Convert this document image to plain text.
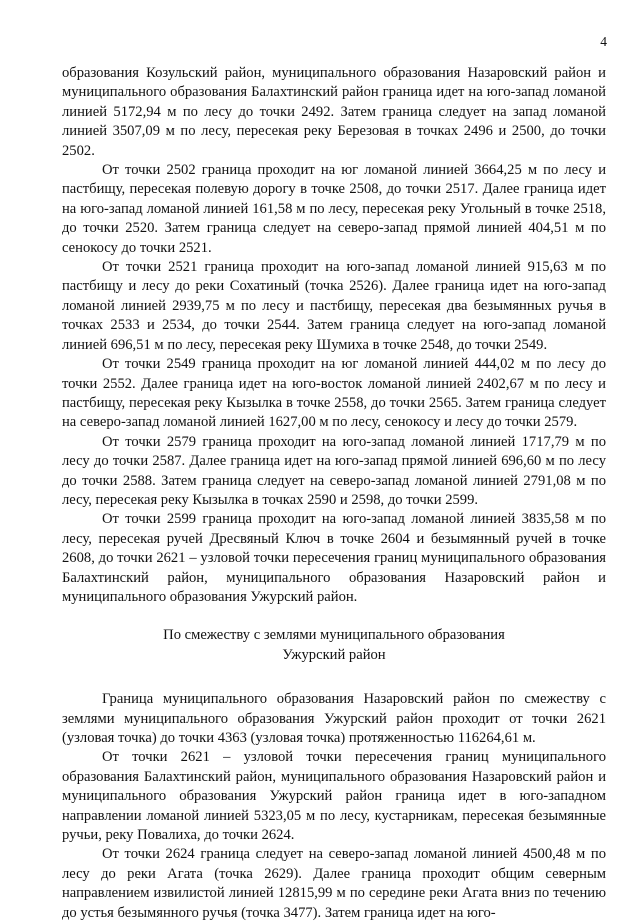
4

образования Козульский район, муниципального образования Назаровский район и муниципального образования Балахтинский район граница идет на юго-запад ломаной линией 5172,94 м по лесу до точки 2492. Затем граница следует на запад ломаной линией 3507,09 м по лесу, пересекая реку Березовая в точках 2496 и 2500, до точки 2502.

От точки 2502 граница проходит на юг ломаной линией 3664,25 м по лесу и пастбищу, пересекая полевую дорогу в точке 2508, до точки 2517. Далее граница идет на юго-запад ломаной линией 161,58 м по лесу, пересекая реку Угольный в точке 2518, до точки 2520. Затем граница следует на северо-запад прямой линией 404,51 м по сенокосу до точки 2521.

От точки 2521 граница проходит на юго-запад ломаной линией 915,63 м по пастбищу и лесу до реки Сохатиный (точка 2526). Далее граница идет на юго-запад ломаной линией 2939,75 м по лесу и пастбищу, пересекая два безымянных ручья в точках 2533 и 2534, до точки 2544. Затем граница следует на юго-запад ломаной линией 696,51 м по лесу, пересекая реку Шумиха в точке 2548, до точки 2549.

От точки 2549 граница проходит на юг ломаной линией 444,02 м по лесу до точки 2552. Далее граница идет на юго-восток ломаной линией 2402,67 м по лесу и пастбищу, пересекая реку Кызылка в точке 2558, до точки 2565. Затем граница следует на северо-запад ломаной линией 1627,00 м по лесу, сенокосу и лесу до точки 2579.

От точки 2579 граница проходит на юго-запад ломаной линией 1717,79 м по лесу до точки 2587. Далее граница идет на юго-запад прямой линией 696,60 м по лесу до точки 2588. Затем граница следует на северо-запад ломаной линией 2791,08 м по лесу, пересекая реку Кызылка в точках 2590 и 2598, до точки 2599.

От точки 2599 граница проходит на юго-запад ломаной линией 3835,58 м по лесу, пересекая ручей Дресвяный Ключ в точке 2604 и безымянный ручей в точке 2608, до точки 2621 – узловой точки пересечения границ муниципального образования Балахтинский район, муниципального образования Назаровский район и муниципального образования Ужурский район.

По смежеству с землями муниципального образования
Ужурский район

Граница муниципального образования Назаровский район по смежеству с землями муниципального образования Ужурский район проходит от точки 2621 (узловая точка) до точки 4363 (узловая точка) протяженностью 116264,61 м.

От точки 2621 – узловой точки пересечения границ муниципального образования Балахтинский район, муниципального образования Назаровский район и муниципального образования Ужурский район граница идет в юго-западном направлении ломаной линией 5323,05 м по лесу, кустарникам, пересекая безымянные ручьи, реку Повалиха, до точки 2624.

От точки 2624 граница следует на северо-запад ломаной линией 4500,48 м по лесу до реки Агата (точка 2629). Далее граница проходит общим северным направлением извилистой линией 12815,99 м по середине реки Агата вниз по течению до устья безымянного ручья (точка 3477). Затем граница идет на юго-
